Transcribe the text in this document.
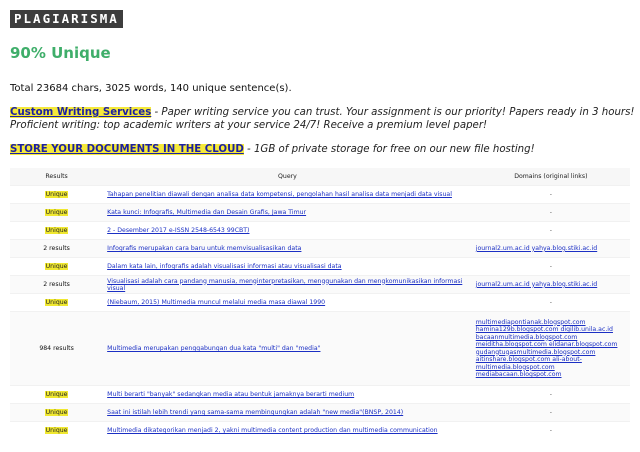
PLAGIARISMA
90% Unique
Total 23684 chars, 3025 words, 140 unique sentence(s).
Custom Writing Services - Paper writing service you can trust. Your assignment is our priority! Papers ready in 3 hours!
Proficient writing: top academic writers at your service 24/7! Receive a premium level paper!
STORE YOUR DOCUMENTS IN THE CLOUD - 1GB of private storage for free on our new file hosting!
Results	Query	Domains (original links)
Unique	Tahapan penelitian diawali dengan analisa data kompetensi, pengolahan hasil analisa data menjadi data visual	-
Unique	Kata kunci: Infografis, Multimedia dan Desain Grafis, Jawa Timur	-
Unique	2 - Desember 2017 e-ISSN 2548-6543 99CBT)	-
2 results	Infografis merupakan cara baru untuk memvisualisasikan data	journal2.um.ac.id yahya.blog.stiki.ac.id

Unique	Dalam kata lain, infografis adalah visualisasi informasi atau visualisasi data	-
2 results	Visualisasi adalah cara pandang manusia, menginterpretasikan, menggunakan dan mengkomunikasikan informasi visual	journal2.um.ac.id yahya.blog.stiki.ac.id

Unique	(Niebaum, 2015) Multimedia muncul melalui media masa diawal 1990	-
984 results	Multimedia merupakan penggabungan dua kata "multi" dan "media"	multimediapontianak.blogspot.com hamina129b.blogspot.com digilib.unila.ac.id bacaanmultimedia.blogspot.com meiditha.blogspot.com elidanar.blogspot.com gudangtugasmultimedia.blogspot.com aitinshare.blogspot.com ali-about-multimedia.blogspot.com mediabacaan.blogspot.com

Unique	Multi berarti "banyak" sedangkan media atau bentuk jamaknya berarti medium	-
Unique	Saat ini istilah lebih trendi yang sama-sama membingungkan adalah "new media"(BNSP, 2014)	-
Unique	Multimedia dikategorikan menjadi 2, yakni multimedia content production dan multimedia communication	-
